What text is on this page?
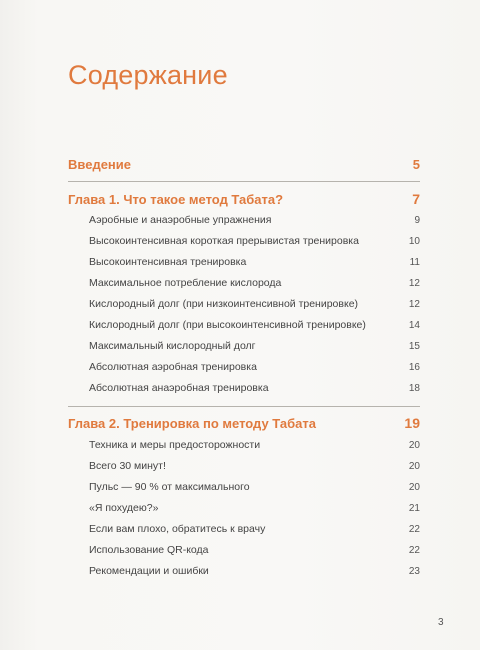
Содержание
Введение	5
Глава 1. Что такое метод Табата?	7
Аэробные и анаэробные упражнения	9
Высокоинтенсивная короткая прерывистая тренировка	10
Высокоинтенсивная тренировка	11
Максимальное потребление кислорода	12
Кислородный долг (при низкоинтенсивной тренировке)	12
Кислородный долг (при высокоинтенсивной тренировке)	14
Максимальный кислородный долг	15
Абсолютная аэробная тренировка	16
Абсолютная анаэробная тренировка	18
Глава 2. Тренировка по методу Табата	19
Техника и меры предосторожности	20
Всего 30 минут!	20
Пульс — 90 % от максимального	20
«Я похудею?»	21
Если вам плохо, обратитесь к врачу	22
Использование QR-кода	22
Рекомендации и ошибки	23
3
